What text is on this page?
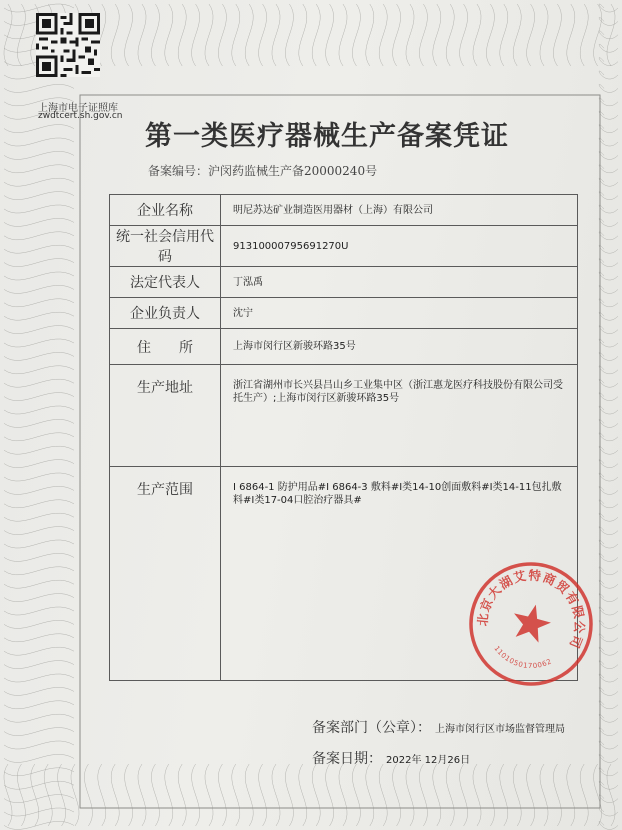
上海市电子证照库
zwdtcert.sh.gov.cn
第一类医疗器械生产备案凭证
备案编号：沪闵药监械生产备20000240号
企业名称	明尼苏达矿业制造医用器材（上海）有限公司
统一社会信用代码	91310000795691270U
法定代表人	丁泓禹
企业负责人	沈宁
住　　所	上海市闵行区新骏环路35号
生产地址	浙江省湖州市长兴县吕山乡工业集中区（浙江惠龙医疗科技股份有限公司受托生产）;上海市闵行区新骏环路35号
生产范围	Ⅰ 6864-1 防护用品#Ⅰ 6864-3 敷料#Ⅰ类14-10创面敷料#Ⅰ类14-11包扎敷料#Ⅰ类17-04口腔治疗器具#
备案部门（公章）： 上海市闵行区市场监督管理局
备案日期： 2022年 12月26日
北京大湖艾特商贸有限公司
1101050170062
